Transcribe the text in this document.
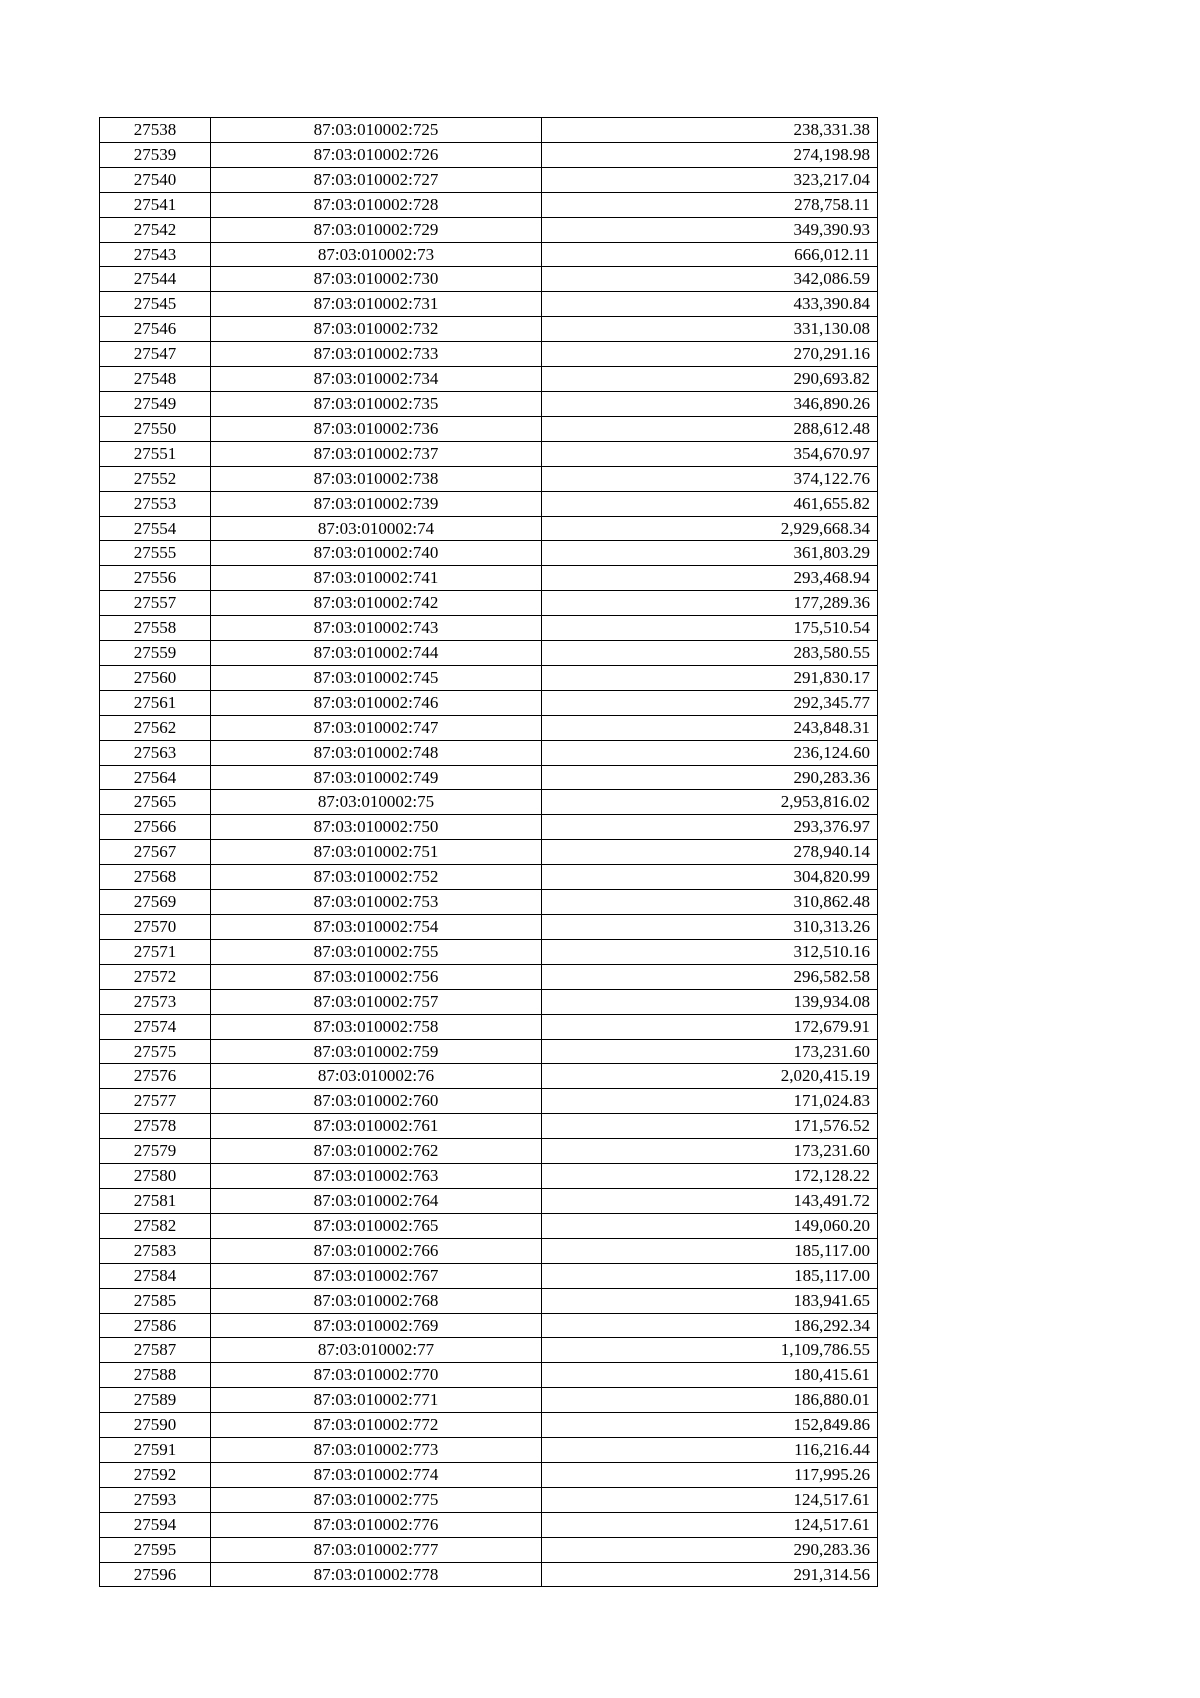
27538	87:03:010002:725	238,331.38
27539	87:03:010002:726	274,198.98
27540	87:03:010002:727	323,217.04
27541	87:03:010002:728	278,758.11
27542	87:03:010002:729	349,390.93
27543	87:03:010002:73	666,012.11
27544	87:03:010002:730	342,086.59
27545	87:03:010002:731	433,390.84
27546	87:03:010002:732	331,130.08
27547	87:03:010002:733	270,291.16
27548	87:03:010002:734	290,693.82
27549	87:03:010002:735	346,890.26
27550	87:03:010002:736	288,612.48
27551	87:03:010002:737	354,670.97
27552	87:03:010002:738	374,122.76
27553	87:03:010002:739	461,655.82
27554	87:03:010002:74	2,929,668.34
27555	87:03:010002:740	361,803.29
27556	87:03:010002:741	293,468.94
27557	87:03:010002:742	177,289.36
27558	87:03:010002:743	175,510.54
27559	87:03:010002:744	283,580.55
27560	87:03:010002:745	291,830.17
27561	87:03:010002:746	292,345.77
27562	87:03:010002:747	243,848.31
27563	87:03:010002:748	236,124.60
27564	87:03:010002:749	290,283.36
27565	87:03:010002:75	2,953,816.02
27566	87:03:010002:750	293,376.97
27567	87:03:010002:751	278,940.14
27568	87:03:010002:752	304,820.99
27569	87:03:010002:753	310,862.48
27570	87:03:010002:754	310,313.26
27571	87:03:010002:755	312,510.16
27572	87:03:010002:756	296,582.58
27573	87:03:010002:757	139,934.08
27574	87:03:010002:758	172,679.91
27575	87:03:010002:759	173,231.60
27576	87:03:010002:76	2,020,415.19
27577	87:03:010002:760	171,024.83
27578	87:03:010002:761	171,576.52
27579	87:03:010002:762	173,231.60
27580	87:03:010002:763	172,128.22
27581	87:03:010002:764	143,491.72
27582	87:03:010002:765	149,060.20
27583	87:03:010002:766	185,117.00
27584	87:03:010002:767	185,117.00
27585	87:03:010002:768	183,941.65
27586	87:03:010002:769	186,292.34
27587	87:03:010002:77	1,109,786.55
27588	87:03:010002:770	180,415.61
27589	87:03:010002:771	186,880.01
27590	87:03:010002:772	152,849.86
27591	87:03:010002:773	116,216.44
27592	87:03:010002:774	117,995.26
27593	87:03:010002:775	124,517.61
27594	87:03:010002:776	124,517.61
27595	87:03:010002:777	290,283.36
27596	87:03:010002:778	291,314.56
